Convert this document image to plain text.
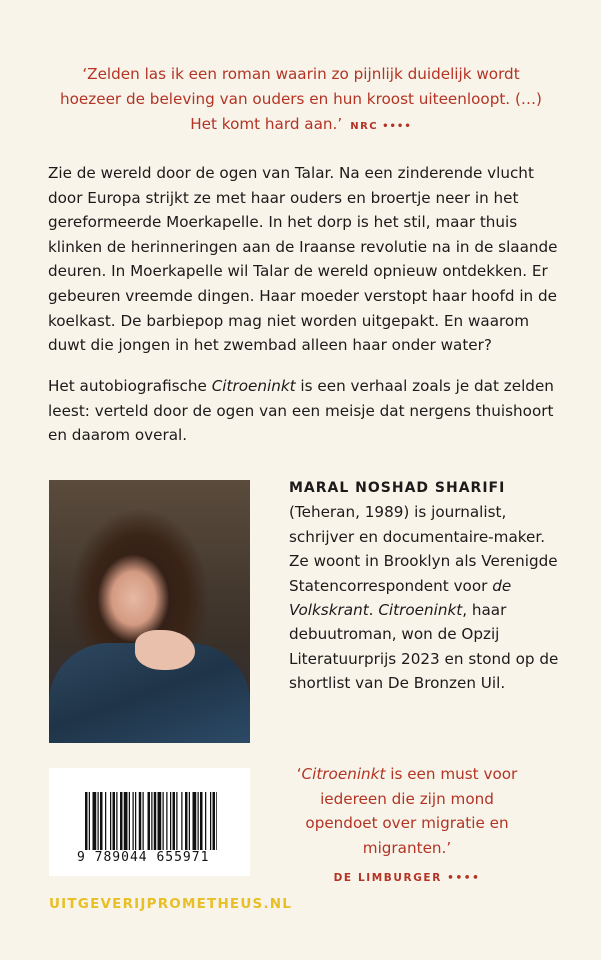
‘Zelden las ik een roman waarin zo pijnlijk duidelijk wordt hoezeer de beleving van ouders en hun kroost uiteenloopt. (…) Het komt hard aan.’ NRC ••••

Zie de wereld door de ogen van Talar. Na een zinderende vlucht door Europa strijkt ze met haar ouders en broertje neer in het gereformeerde Moerkapelle. In het dorp is het stil, maar thuis klinken de herinneringen aan de Iraanse revolutie na in de slaande deuren. In Moerkapelle wil Talar de wereld opnieuw ontdekken. Er gebeuren vreemde dingen. Haar moeder verstopt haar hoofd in de koelkast. De barbiepop mag niet worden uitgepakt. En waarom duwt die jongen in het zwembad alleen haar onder water?

Het autobiografische Citroeninkt is een verhaal zoals je dat zelden leest: verteld door de ogen van een meisje dat nergens thuishoort en daarom overal.

MARAL NOSHAD SHARIFI (Teheran, 1989) is journalist, schrijver en documentaire-maker. Ze woont in Brooklyn als Verenigde Statencorrespondent voor de Volkskrant. Citroeninkt, haar debuutroman, won de Opzij Literatuurprijs 2023 en stond op de shortlist van De Bronzen Uil.
9 789044 655971
UITGEVERIJPROMETHEUS.NL
‘Citroeninkt is een must voor iedereen die zijn mond opendoet over migratie en migranten.’
DE LIMBURGER ••••
